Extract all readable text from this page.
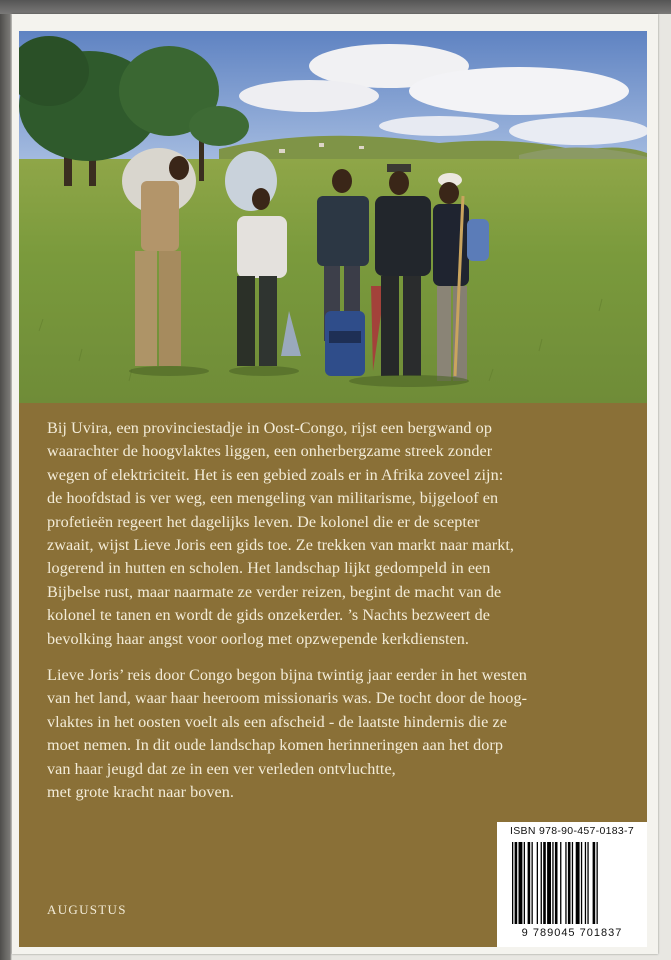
Bij Uvira, een provinciestadje in Oost-Congo, rijst een bergwand op
waarachter de hoogvlaktes liggen, een onherbergzame streek zonder
wegen of elektriciteit. Het is een gebied zoals er in Afrika zoveel zijn:
de hoofdstad is ver weg, een mengeling van militarisme, bijgeloof en
profetieën regeert het dagelijks leven. De kolonel die er de scepter
zwaait, wijst Lieve Joris een gids toe. Ze trekken van markt naar markt,
logerend in hutten en scholen. Het landschap lijkt gedompeld in een
Bijbelse rust, maar naarmate ze verder reizen, begint de macht van de
kolonel te tanen en wordt de gids onzekerder. ’s Nachts bezweert de
bevolking haar angst voor oorlog met opzwepende kerkdiensten.

Lieve Joris’ reis door Congo begon bijna twintig jaar eerder in het westen
van het land, waar haar heeroom missionaris was. De tocht door de hoog-
vlaktes in het oosten voelt als een afscheid - de laatste hindernis die ze
moet nemen. In dit oude landschap komen herinneringen aan het dorp
van haar jeugd dat ze in een ver verleden ontvluchtte,
met grote kracht naar boven.

AUGUSTUS
ISBN 978-90-457-0183-7
9 789045 701837
